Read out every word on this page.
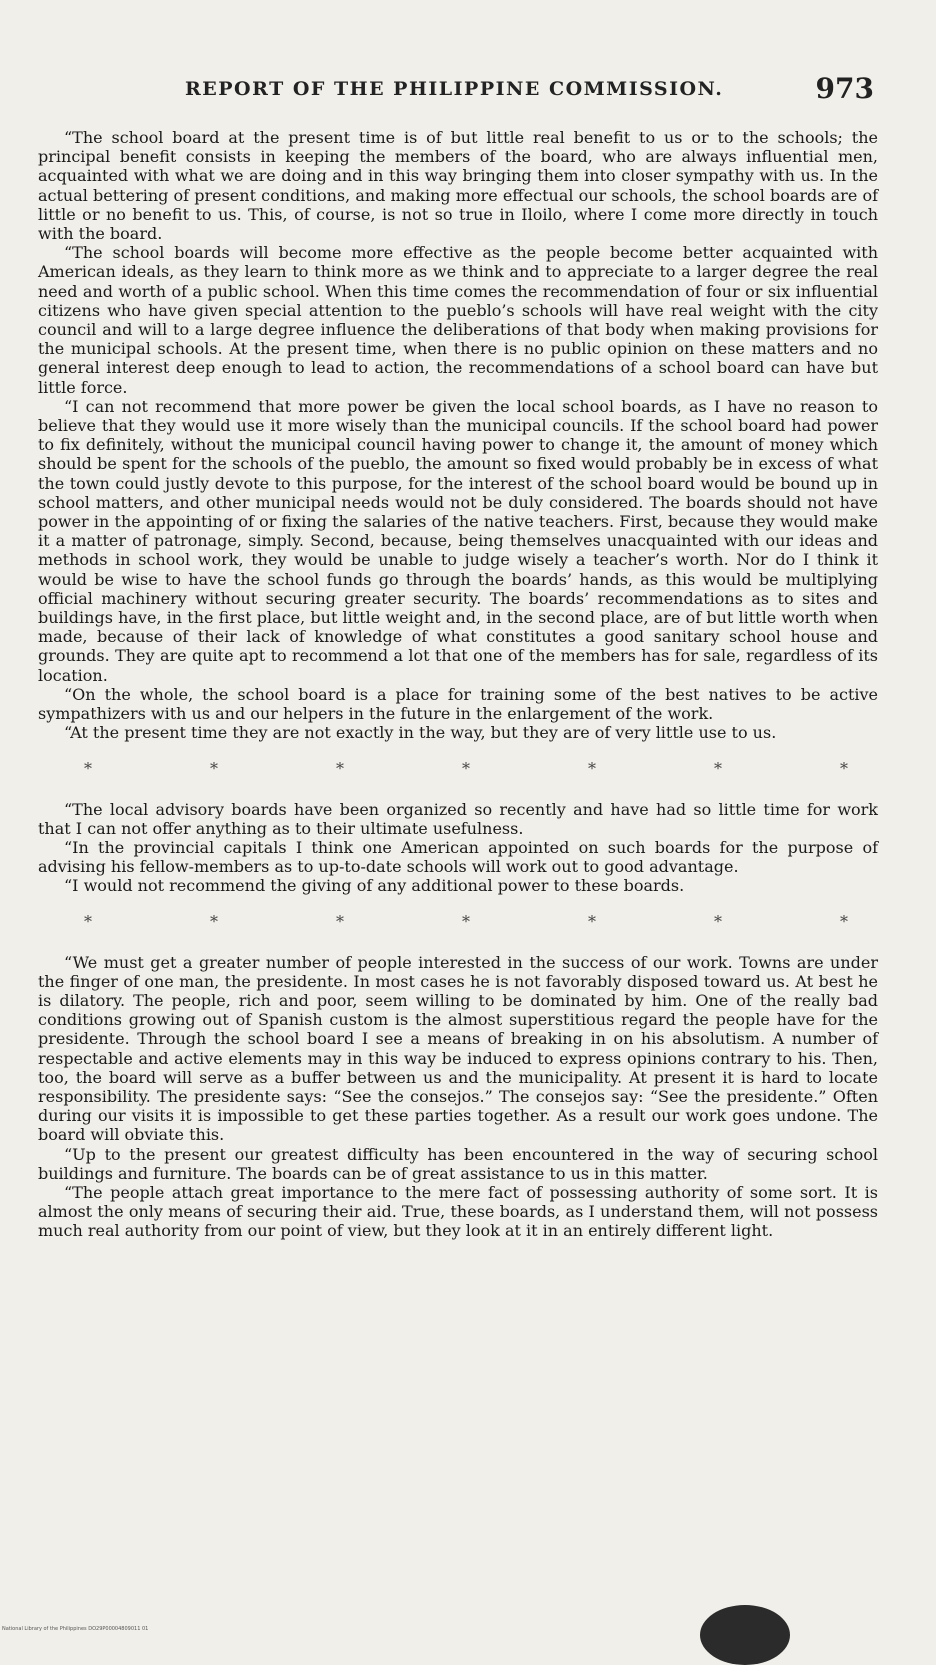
REPORT OF THE PHILIPPINE COMMISSION.	973

“The school board at the present time is of but little real benefit to us or to the schools; the principal benefit consists in keeping the members of the board, who are always influential men, acquainted with what we are doing and in this way bringing them into closer sympathy with us. In the actual bettering of present conditions, and making more effectual our schools, the school boards are of little or no benefit to us. This, of course, is not so true in Iloilo, where I come more directly in touch with the board.

“The school boards will become more effective as the people become better acquainted with American ideals, as they learn to think more as we think and to appreciate to a larger degree the real need and worth of a public school. When this time comes the recommendation of four or six influential citizens who have given special attention to the pueblo’s schools will have real weight with the city council and will to a large degree influence the deliberations of that body when making provisions for the municipal schools. At the present time, when there is no public opinion on these matters and no general interest deep enough to lead to action, the recommendations of a school board can have but little force.

“I can not recommend that more power be given the local school boards, as I have no reason to believe that they would use it more wisely than the municipal councils. If the school board had power to fix definitely, without the municipal council having power to change it, the amount of money which should be spent for the schools of the pueblo, the amount so fixed would probably be in excess of what the town could justly devote to this purpose, for the interest of the school board would be bound up in school matters, and other municipal needs would not be duly considered. The boards should not have power in the appointing of or fixing the salaries of the native teachers. First, because they would make it a matter of patronage, simply. Second, because, being themselves unacquainted with our ideas and methods in school work, they would be unable to judge wisely a teacher’s worth. Nor do I think it would be wise to have the school funds go through the boards’ hands, as this would be multiplying official machinery without securing greater security. The boards’ recommendations as to sites and buildings have, in the first place, but little weight and, in the second place, are of but little worth when made, because of their lack of knowledge of what constitutes a good sanitary school house and grounds. They are quite apt to recommend a lot that one of the members has for sale, regardless of its location.

“On the whole, the school board is a place for training some of the best natives to be active sympathizers with us and our helpers in the future in the enlargement of the work.

“At the present time they are not exactly in the way, but they are of very little use to us.

*	*	*	*	*	*	*

“The local advisory boards have been organized so recently and have had so little time for work that I can not offer anything as to their ultimate usefulness.

“In the provincial capitals I think one American appointed on such boards for the purpose of advising his fellow-members as to up-to-date schools will work out to good advantage.

“I would not recommend the giving of any additional power to these boards.

*	*	*	*	*	*	*

“We must get a greater number of people interested in the success of our work. Towns are under the finger of one man, the presidente. In most cases he is not favorably disposed toward us. At best he is dilatory. The people, rich and poor, seem willing to be dominated by him. One of the really bad conditions growing out of Spanish custom is the almost superstitious regard the people have for the presidente. Through the school board I see a means of breaking in on his absolutism. A number of respectable and active elements may in this way be induced to express opinions contrary to his. Then, too, the board will serve as a buffer between us and the municipality. At present it is hard to locate responsibility. The presidente says: “See the consejos.” The consejos say: “See the presidente.” Often during our visits it is impossible to get these parties together. As a result our work goes undone. The board will obviate this.

“Up to the present our greatest difficulty has been encountered in the way of securing school buildings and furniture. The boards can be of great assistance to us in this matter.

“The people attach great importance to the mere fact of possessing authority of some sort. It is almost the only means of securing their aid. True, these boards, as I understand them, will not possess much real authority from our point of view, but they look at it in an entirely different light.

National Library of the Philippines DO29P00004809011 01
